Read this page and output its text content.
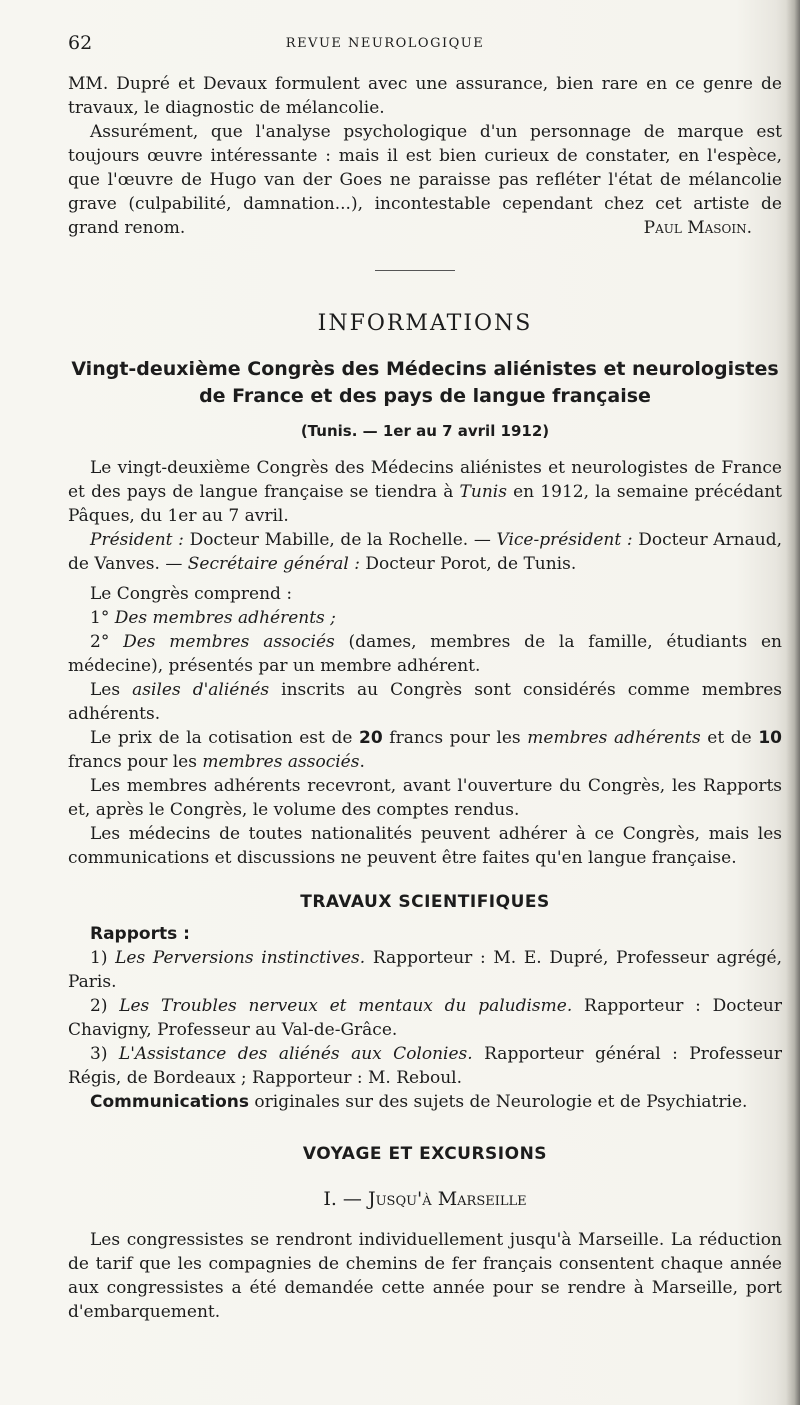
62	REVUE NEUROLOGIQUE

MM. Dupré et Devaux formulent avec une assurance, bien rare en ce genre de travaux, le diagnostic de mélancolie.

Assurément, que l'analyse psychologique d'un personnage de marque est toujours œuvre intéressante : mais il est bien curieux de constater, en l'espèce, que l'œuvre de Hugo van der Goes ne paraisse pas refléter l'état de mélancolie grave (culpabilité, damnation...), incontestable cependant chez cet artiste de grand renom.	Paul Masoin.
INFORMATIONS

Vingt-deuxième Congrès des Médecins aliénistes et neurologistes

de France et des pays de langue française

(Tunis. — 1er au 7 avril 1912)

Le vingt-deuxième Congrès des Médecins aliénistes et neurologistes de France et des pays de langue française se tiendra à Tunis en 1912, la semaine précédant Pâques, du 1er au 7 avril.

Président : Docteur Mabille, de la Rochelle. — Vice-président : Docteur Arnaud, de Vanves. — Secrétaire général : Docteur Porot, de Tunis.

Le Congrès comprend :

1° Des membres adhérents ;

2° Des membres associés (dames, membres de la famille, étudiants en médecine), présentés par un membre adhérent.

Les asiles d'aliénés inscrits au Congrès sont considérés comme membres adhérents.

Le prix de la cotisation est de 20 francs pour les membres adhérents et de 10 francs pour les membres associés.

Les membres adhérents recevront, avant l'ouverture du Congrès, les Rapports et, après le Congrès, le volume des comptes rendus.

Les médecins de toutes nationalités peuvent adhérer à ce Congrès, mais les communications et discussions ne peuvent être faites qu'en langue française.

TRAVAUX SCIENTIFIQUES

Rapports :

1) Les Perversions instinctives. Rapporteur : M. E. Dupré, Professeur agrégé, Paris.

2) Les Troubles nerveux et mentaux du paludisme. Rapporteur : Docteur Chavigny, Professeur au Val-de-Grâce.

3) L'Assistance des aliénés aux Colonies. Rapporteur général : Professeur Régis, de Bordeaux ; Rapporteur : M. Reboul.

Communications originales sur des sujets de Neurologie et de Psychiatrie.

VOYAGE ET EXCURSIONS
I. — Jusqu'à Marseille

Les congressistes se rendront individuellement jusqu'à Marseille. La réduction de tarif que les compagnies de chemins de fer français consentent chaque année aux congressistes a été demandée cette année pour se rendre à Marseille, port d'embarquement.
